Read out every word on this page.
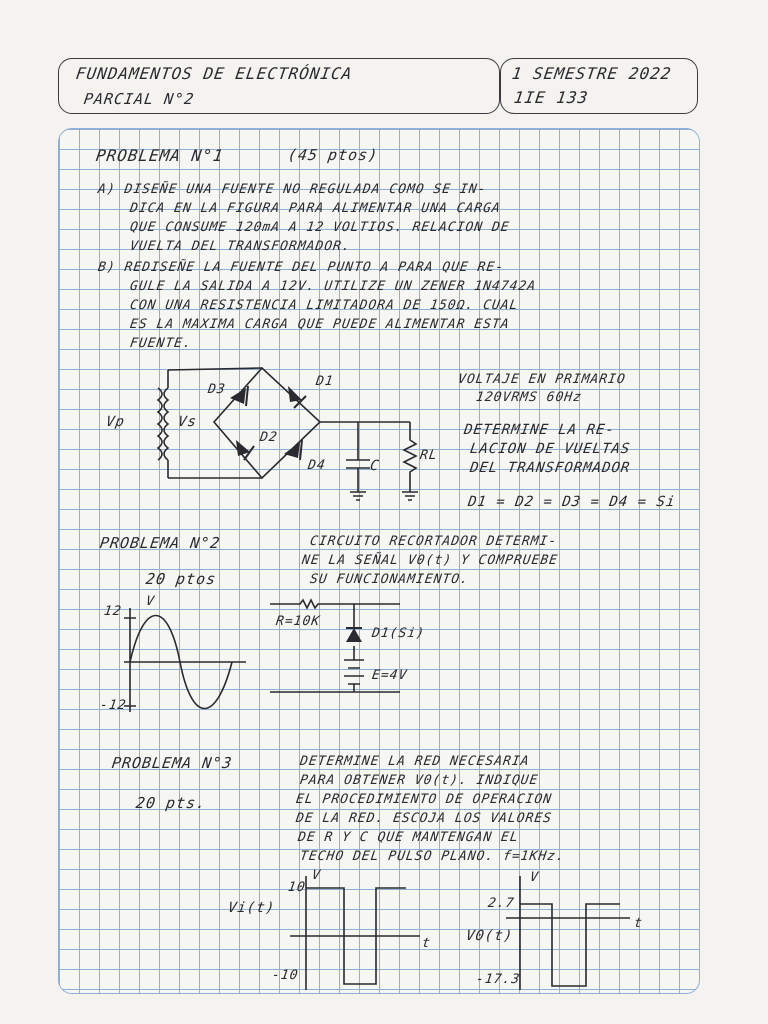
FUNDAMENTOS DE ELECTRÓNICA
PARCIAL N°2
1 SEMESTRE 2022
1IE 133
PROBLEMA N°1	(45 ptos)
A) DISEÑE UNA FUENTE NO REGULADA COMO SE IN-
DICA EN LA FIGURA PARA ALIMENTAR UNA CARGA
QUE CONSUME 120mA A 12 VOLTIOS. RELACION DE
VUELTA DEL TRANSFORMADOR.
B) REDISEÑE LA FUENTE DEL PUNTO A PARA QUE RE-
GULE LA SALIDA A 12V. UTILIZE UN ZENER 1N4742A
CON UNA RESISTENCIA LIMITADORA DE 150Ω. CUAL
ES LA MAXIMA CARGA QUE PUEDE ALIMENTAR ESTA
FUENTE.
Vp	Vs
D1
D2
D3
D4	C
RL
VOLTAJE EN PRIMARIO
120VRMS 60Hz
DETERMINE LA RE-
LACION DE VUELTAS
DEL TRANSFORMADOR
D1 = D2 = D3 = D4 = Si
PROBLEMA N°2
20 ptos
CIRCUITO RECORTADOR DETERMI-
NE LA SEÑAL V0(t) Y COMPRUEBE
SU FUNCIONAMIENTO.
12
V
-12
R=10K
D1(Si)
E=4V
PROBLEMA N°3
20 pts.
DETERMINE LA RED NECESARIA
PARA OBTENER V0(t). INDIQUE
EL PROCEDIMIENTO DE OPERACION
DE LA RED. ESCOJA LOS VALORES
DE R Y C QUE MANTENGAN EL
TECHO DEL PULSO PLANO. f=1KHz.
Vi(t)
V
10
-10
t V0(t)
V
2.7
-17.3
t
